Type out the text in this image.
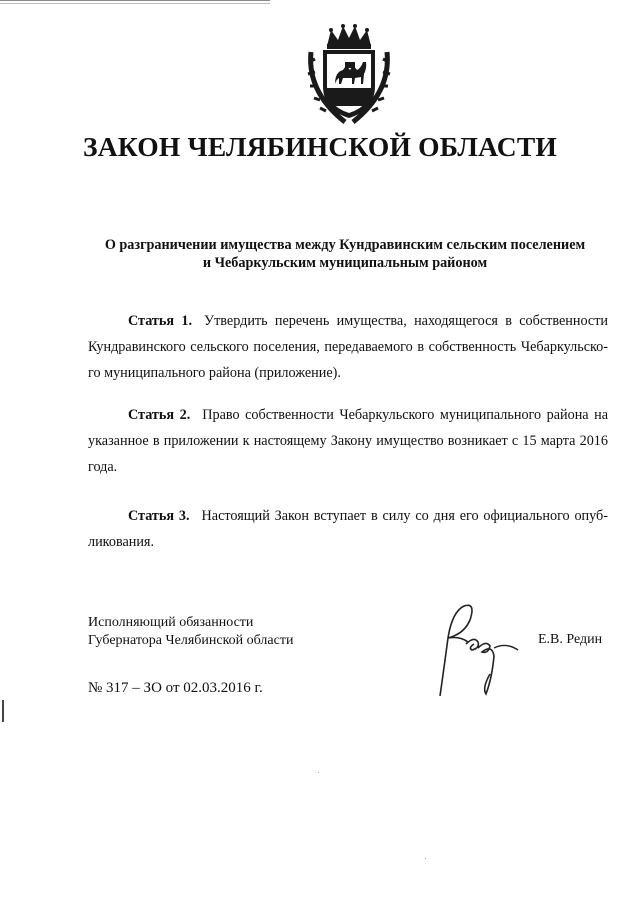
ЗАКОН ЧЕЛЯБИНСКОЙ ОБЛАСТИ
О разграничении имущества между Кундравинским сельским поселением
и Чебаркульским муниципальным районом
Статья 1. Утвердить перечень имущества, находящегося в собственности Кундравинского сельского поселения, передаваемого в собственность Чебаркульско-го муниципального района (приложение).
Статья 2. Право собственности Чебаркульского муниципального района на указанное в приложении к настоящему Закону имущество возникает с 15 марта 2016 года.
Статья 3. Настоящий Закон вступает в силу со дня его официального опуб-ликования.
Исполняющий обязанности
Губернатора Челябинской области	Е.В. Редин
№ 317 – ЗО от 02.03.2016 г.
